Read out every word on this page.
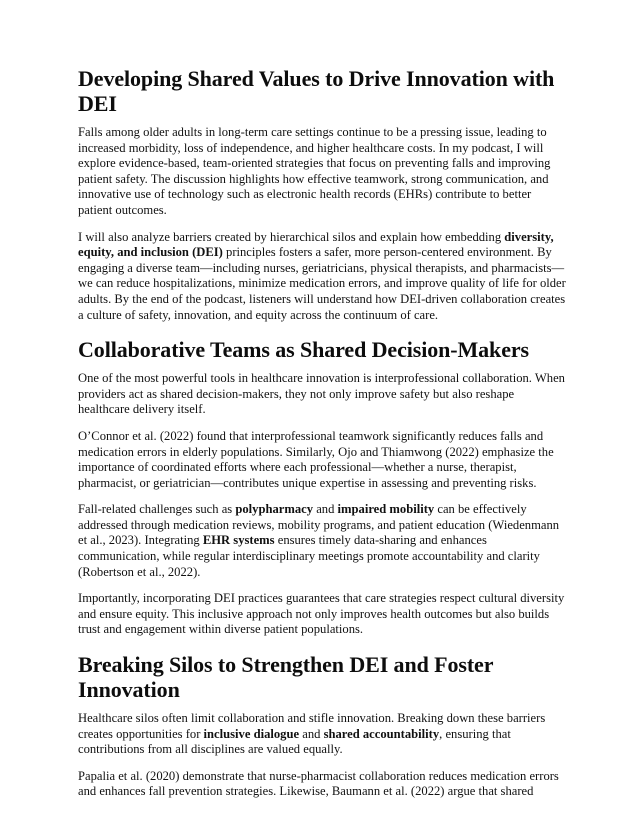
Developing Shared Values to Drive Innovation with DEI

Falls among older adults in long-term care settings continue to be a pressing issue, leading to increased morbidity, loss of independence, and higher healthcare costs. In my podcast, I will explore evidence-based, team-oriented strategies that focus on preventing falls and improving patient safety. The discussion highlights how effective teamwork, strong communication, and innovative use of technology such as electronic health records (EHRs) contribute to better patient outcomes.

I will also analyze barriers created by hierarchical silos and explain how embedding diversity, equity, and inclusion (DEI) principles fosters a safer, more person-centered environment. By engaging a diverse team—including nurses, geriatricians, physical therapists, and pharmacists—we can reduce hospitalizations, minimize medication errors, and improve quality of life for older adults. By the end of the podcast, listeners will understand how DEI-driven collaboration creates a culture of safety, innovation, and equity across the continuum of care.

Collaborative Teams as Shared Decision-Makers

One of the most powerful tools in healthcare innovation is interprofessional collaboration. When providers act as shared decision-makers, they not only improve safety but also reshape healthcare delivery itself.

O’Connor et al. (2022) found that interprofessional teamwork significantly reduces falls and medication errors in elderly populations. Similarly, Ojo and Thiamwong (2022) emphasize the importance of coordinated efforts where each professional—whether a nurse, therapist, pharmacist, or geriatrician—contributes unique expertise in assessing and preventing risks.

Fall-related challenges such as polypharmacy and impaired mobility can be effectively addressed through medication reviews, mobility programs, and patient education (Wiedenmann et al., 2023). Integrating EHR systems ensures timely data-sharing and enhances communication, while regular interdisciplinary meetings promote accountability and clarity (Robertson et al., 2022).

Importantly, incorporating DEI practices guarantees that care strategies respect cultural diversity and ensure equity. This inclusive approach not only improves health outcomes but also builds trust and engagement within diverse patient populations.

Breaking Silos to Strengthen DEI and Foster Innovation

Healthcare silos often limit collaboration and stifle innovation. Breaking down these barriers creates opportunities for inclusive dialogue and shared accountability, ensuring that contributions from all disciplines are valued equally.

Papalia et al. (2020) demonstrate that nurse-pharmacist collaboration reduces medication errors and enhances fall prevention strategies. Likewise, Baumann et al. (2022) argue that shared
